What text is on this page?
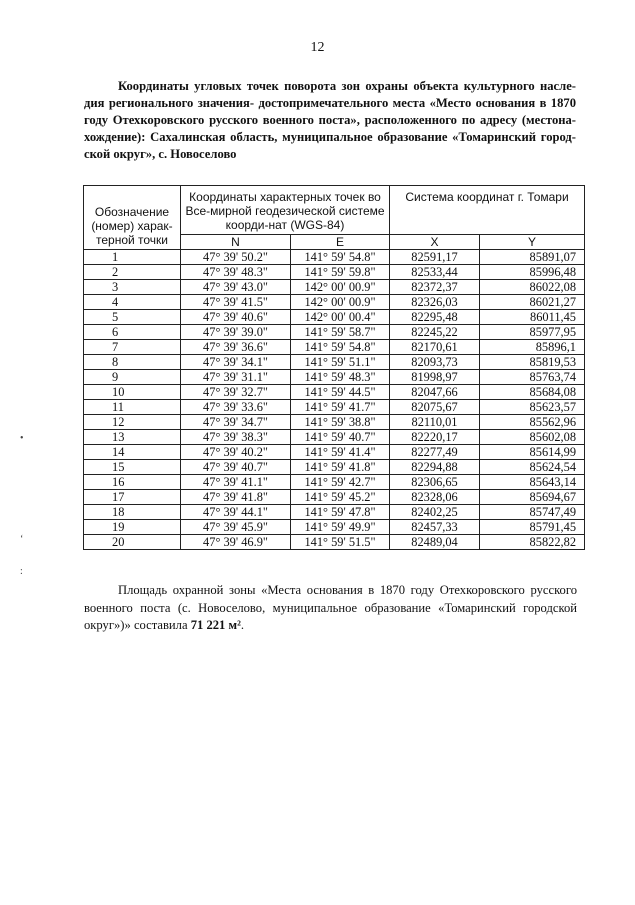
12
Координаты угловых точек поворота зон охраны объекта культурного насле-дия регионального значения- достопримечательного места «Место основания в 1870 году Отехкоровского русского военного поста», расположенного по адресу (местона-хождение): Сахалинская область, муниципальное образование «Томаринский город-ской округ», с. Новоселово
Обозначение (номер) харак-терной точки	Координаты характерных точек во Все-мирной геодезической системе коорди-нат (WGS-84)		Система координат г. Томари	
	N	E	X	Y
1	47° 39' 50.2"	141° 59' 54.8"	82591,17	85891,07
2	47° 39' 48.3"	141° 59' 59.8"	82533,44	85996,48
3	47° 39' 43.0"	142° 00' 00.9"	82372,37	86022,08
4	47° 39' 41.5"	142° 00' 00.9"	82326,03	86021,27
5	47° 39' 40.6"	142° 00' 00.4"	82295,48	86011,45
6	47° 39' 39.0"	141° 59' 58.7"	82245,22	85977,95
7	47° 39' 36.6"	141° 59' 54.8"	82170,61	85896,1
8	47° 39' 34.1"	141° 59' 51.1"	82093,73	85819,53
9	47° 39' 31.1"	141° 59' 48.3"	81998,97	85763,74
10	47° 39' 32.7"	141° 59' 44.5"	82047,66	85684,08
11	47° 39' 33.6"	141° 59' 41.7"	82075,67	85623,57
12	47° 39' 34.7"	141° 59' 38.8"	82110,01	85562,96
13	47° 39' 38.3"	141° 59' 40.7"	82220,17	85602,08
14	47° 39' 40.2"	141° 59' 41.4"	82277,49	85614,99
15	47° 39' 40.7"	141° 59' 41.8"	82294,88	85624,54
16	47° 39' 41.1"	141° 59' 42.7"	82306,65	85643,14
17	47° 39' 41.8"	141° 59' 45.2"	82328,06	85694,67
18	47° 39' 44.1"	141° 59' 47.8"	82402,25	85747,49
19	47° 39' 45.9"	141° 59' 49.9"	82457,33	85791,45
20	47° 39' 46.9"	141° 59' 51.5"	82489,04	85822,82
Площадь охранной зоны «Места основания в 1870 году Отехкоровского русского военного поста (с. Новоселово, муниципальное образование «Томаринский городской округ»)» составила 71 221 м².
•
‘
:
